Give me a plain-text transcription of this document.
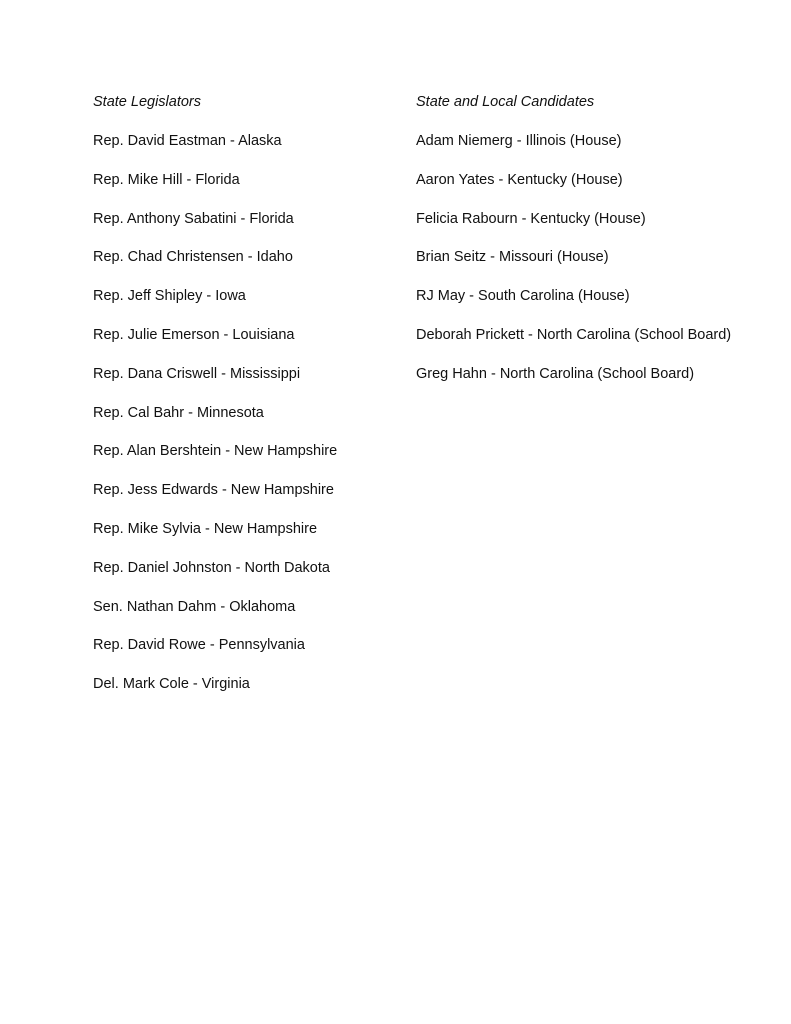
State Legislators
Rep. David Eastman - Alaska
Rep. Mike Hill - Florida
Rep. Anthony Sabatini - Florida
Rep. Chad Christensen - Idaho
Rep. Jeff Shipley - Iowa
Rep. Julie Emerson - Louisiana
Rep. Dana Criswell - Mississippi
Rep. Cal Bahr - Minnesota
Rep. Alan Bershtein - New Hampshire
Rep. Jess Edwards - New Hampshire
Rep. Mike Sylvia - New Hampshire
Rep. Daniel Johnston - North Dakota
Sen. Nathan Dahm - Oklahoma
Rep. David Rowe - Pennsylvania
Del. Mark Cole - Virginia
State and Local Candidates
Adam Niemerg - Illinois (House)
Aaron Yates - Kentucky (House)
Felicia Rabourn - Kentucky (House)
Brian Seitz - Missouri (House)
RJ May - South Carolina (House)
Deborah Prickett - North Carolina (School Board)
Greg Hahn - North Carolina (School Board)
